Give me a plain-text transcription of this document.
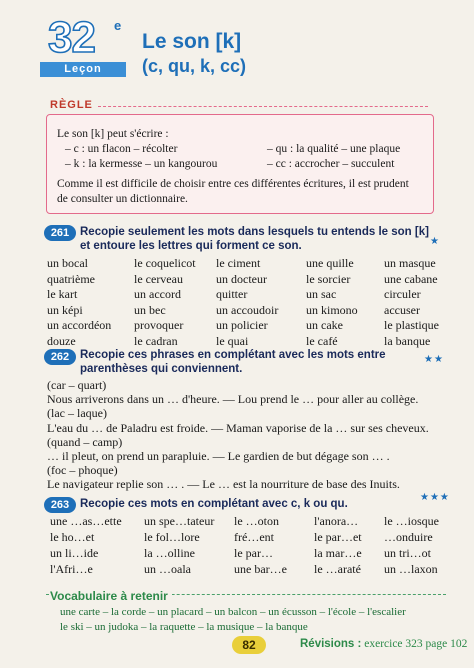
32 e
Leçon
Le son [k]
(c, qu, k, cc)
RÈGLE
Le son [k] peut s'écrire :
– c : un flacon – récolter
– k : la kermesse – un kangourou
– qu : la qualité – une plaque
– cc : accrocher – succulent
Comme il est difficile de choisir entre ces différentes écritures, il est prudent
de consulter un dictionnaire.
261 Recopie seulement les mots dans lesquels tu entends le son [k]
et entoure les lettres qui forment ce son.	★
un bocal
quatrième
le kart
un képi
un accordéon
douze
le coquelicot
le cerveau
un accord
un bec
provoquer
le cadran
le ciment
un docteur
quitter
un accoudoir
un policier
le quai
une quille
le sorcier
un sac
un kimono
un cake
le café
un masque
une cabane
circuler
accuser
le plastique
la banque
262 Recopie ces phrases en complétant avec les mots entre
parenthèses qui conviennent.
★★
(car – quart)
Nous arriverons dans un … d'heure. — Lou prend le … pour aller au collège.
(lac – laque)
L'eau du … de Paladru est froide. — Maman vaporise de la … sur ses cheveux.
(quand – camp)
… il pleut, on prend un parapluie. — Le gardien de but dégage son … .
(foc – phoque)
Le navigateur replie son … . — Le … est la nourriture de base des Inuits.
263 Recopie ces mots en complétant avec c, k ou qu.
★★★
une …as…ette
le ho…et
un li…ide
l'Afri…e
un spe…tateur
le fol…lore
la …olline
un …oala
le …oton
fré…ent
le par…
une bar…e
l'anora…
le par…et
la mar…e
le …araté
le …iosque
…onduire
un tri…ot
un …laxon
Vocabulaire à retenir
une carte – la corde – un placard – un balcon – un écusson – l'école – l'escalier
le ski – un judoka – la raquette – la musique – la banque
82	Révisions : exercice 323 page 102
